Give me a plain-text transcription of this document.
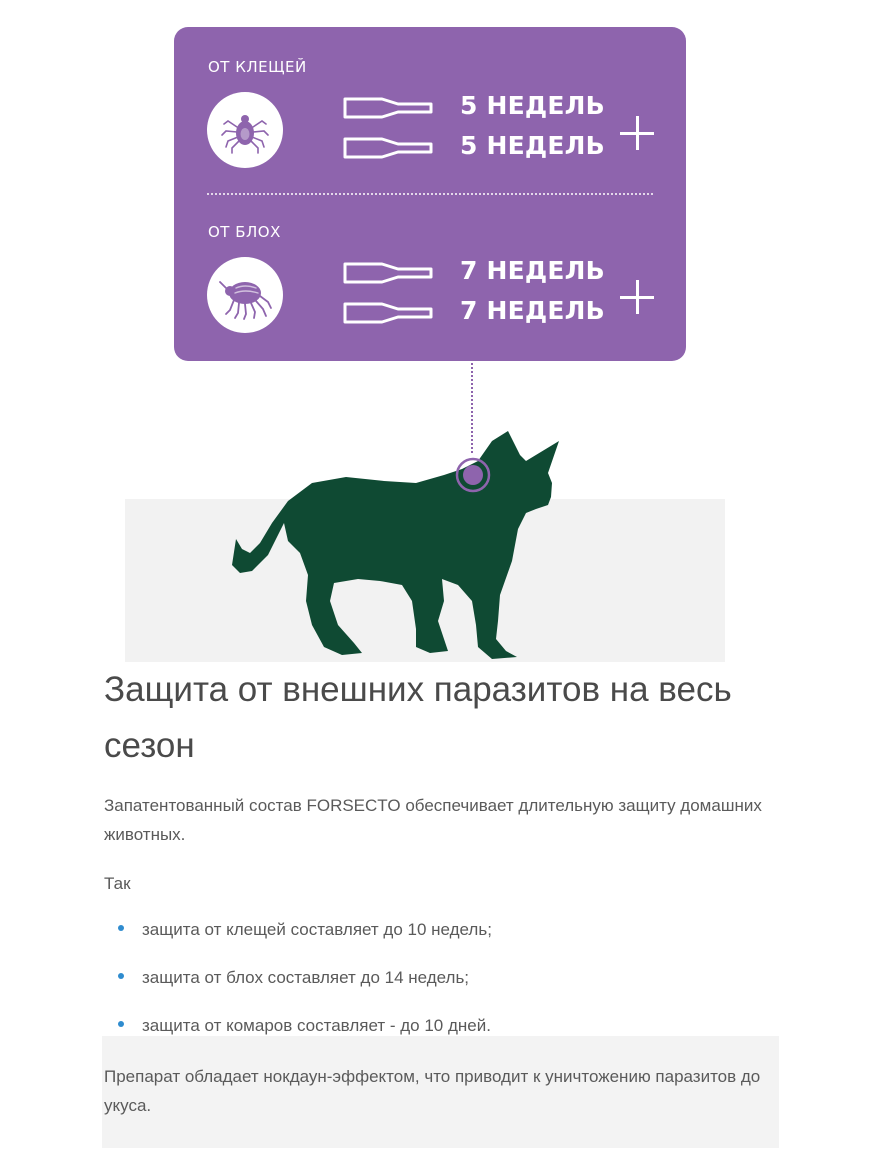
ОТ КЛЕЩЕЙ
5 НЕДЕЛЬ
5 НЕДЕЛЬ
ОТ БЛОХ
7 НЕДЕЛЬ
7 НЕДЕЛЬ
Защита от внешних паразитов на весь сезон

Запатентованный состав FORSECTO обеспечивает длительную защиту домашних животных.

Так

защита от клещей составляет до 10 недель;
защита от блох составляет до 14 недель;
защита от комаров составляет - до 10 дней.

Препарат обладает нокдаун-эффектом, что приводит к уничтожению паразитов до укуса.
